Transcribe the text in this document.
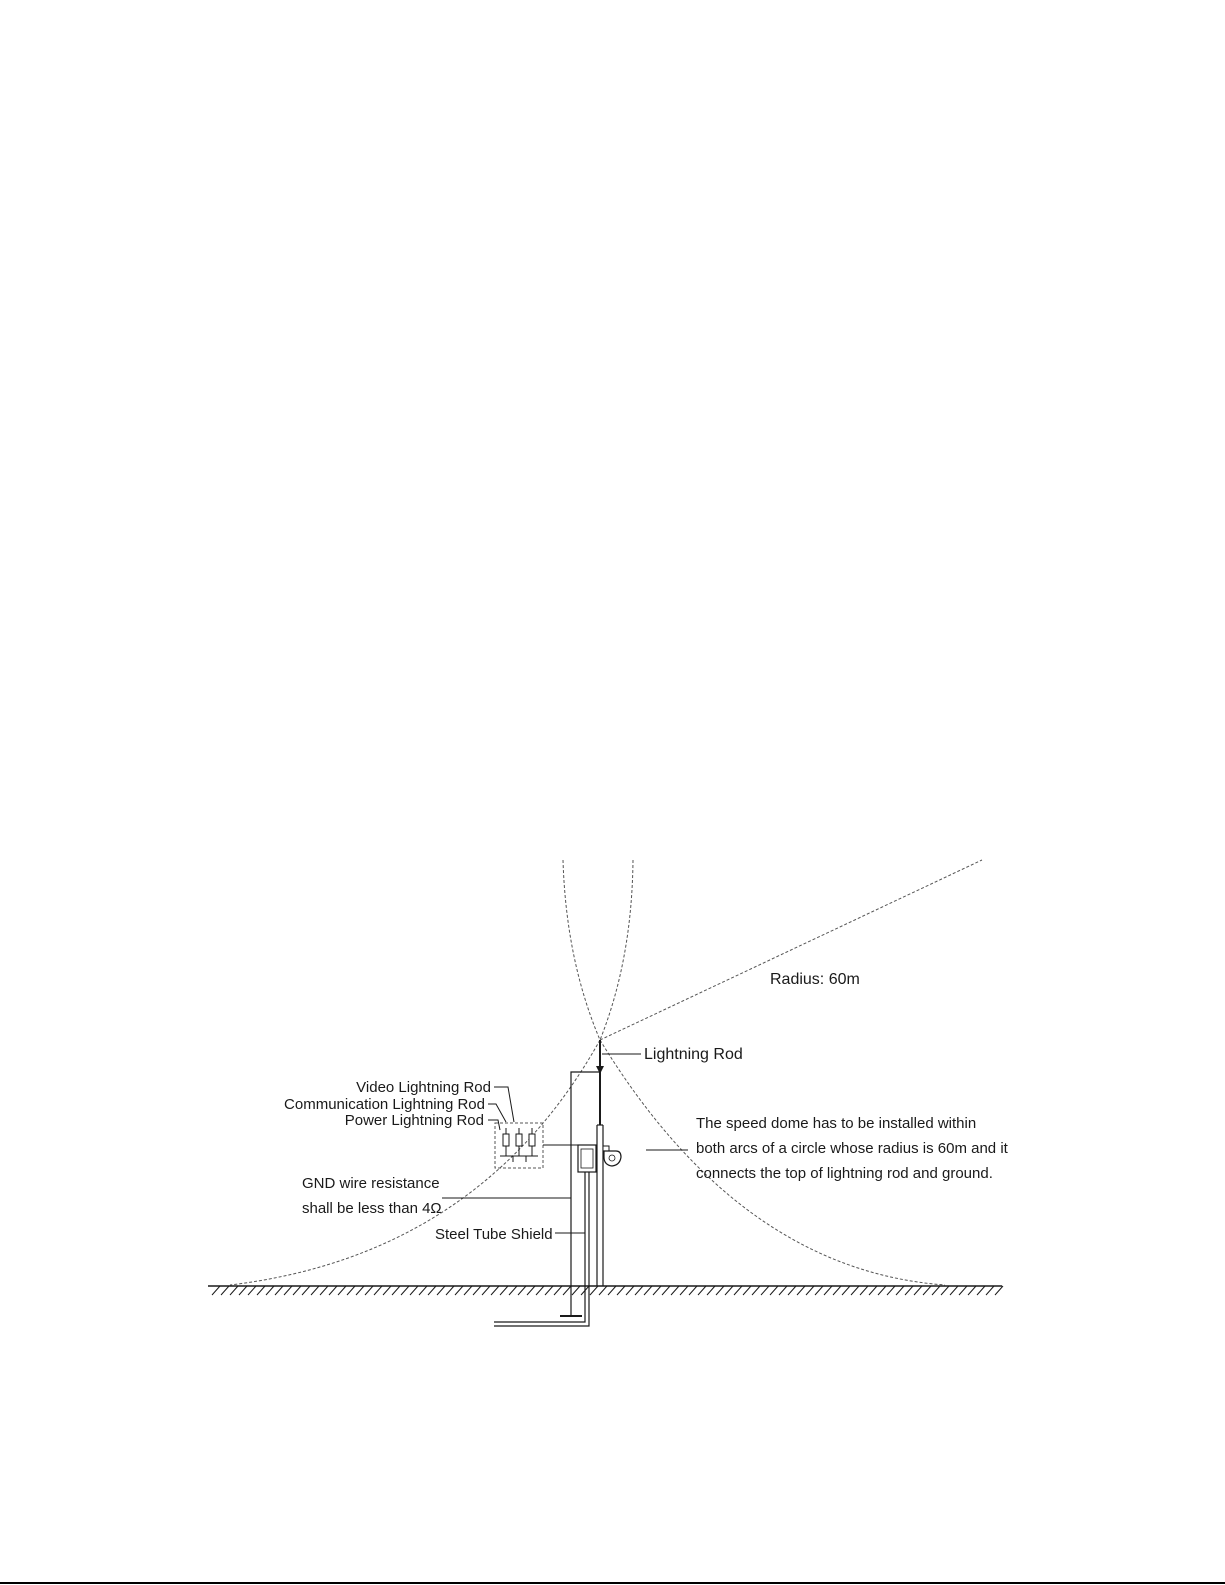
Radius: 60m
Lightning Rod
Video Lightning Rod
Communication Lightning Rod
Power Lightning Rod
GND wire resistance
shall be less than 4Ω
Steel Tube Shield
The speed dome has to be installed within
both arcs of a circle whose radius is 60m and it
connects the top of lightning rod and ground.
